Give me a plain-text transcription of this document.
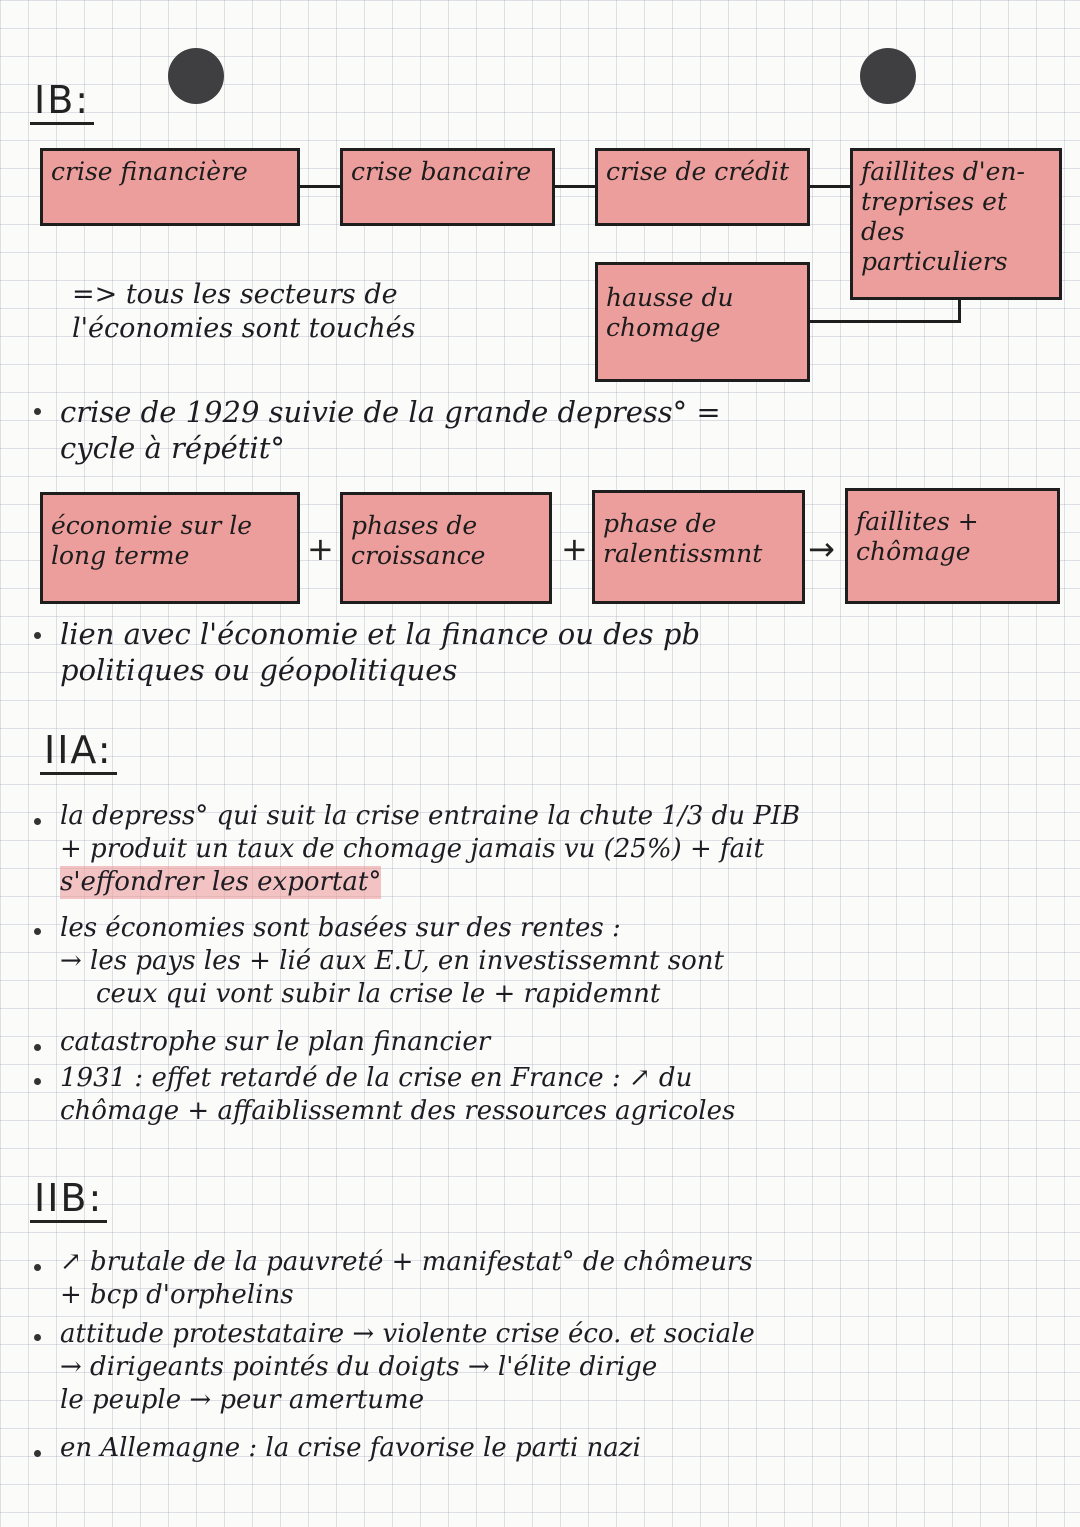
IB:
crise financière	crise bancaire	crise de crédit	faillites d'en-
treprises et des
particuliers
hausse du
chomage
=> tous les secteurs de
l'économies sont touchés
crise de 1929 suivie de la grande depress° =
cycle à répétit°
économie sur le
long terme	+
phases de
croissance	+
phase de
ralentissmnt	→
faillites +
chômage
lien avec l'économie et la finance ou des pb
politiques ou géopolitiques
IIA:
la depress° qui suit la crise entraine la chute 1/3 du PIB
+ produit un taux de chomage jamais vu (25%) + fait
s'effondrer les exportat°
les économies sont basées sur des rentes :
→ les pays les + lié aux E.U, en investissemnt sont
ceux qui vont subir la crise le + rapidemnt
catastrophe sur le plan financier
1931 : effet retardé de la crise en France : ↗ du
chômage + affaiblissemnt des ressources agricoles
IIB:
↗ brutale de la pauvreté + manifestat° de chômeurs
+ bcp d'orphelins
attitude protestataire → violente crise éco. et sociale
→ dirigeants pointés du doigts → l'élite dirige
le peuple → peur amertume
en Allemagne : la crise favorise le parti nazi
